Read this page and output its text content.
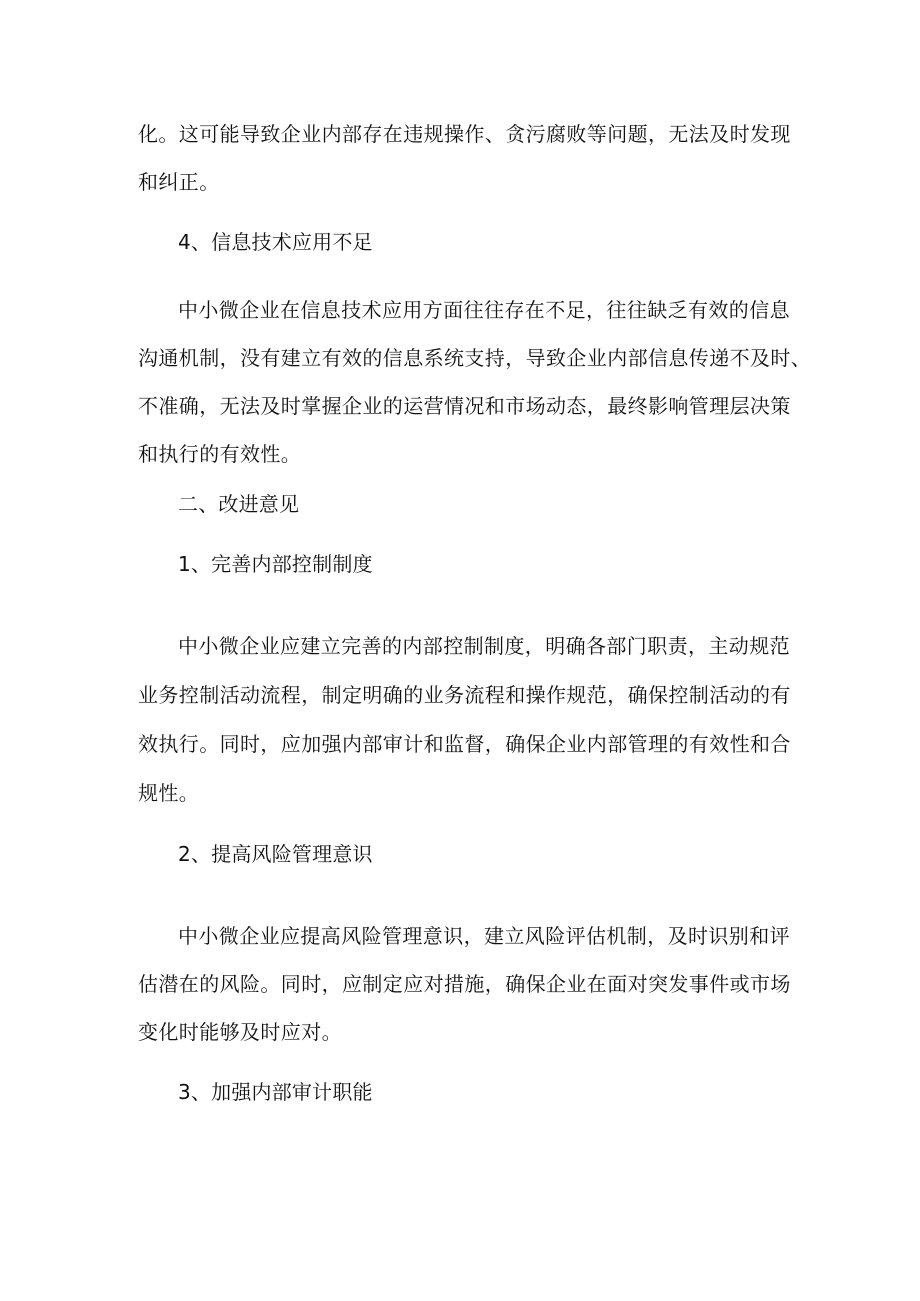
化。这可能导致企业内部存在违规操作、贪污腐败等问题，无法及时发现
和纠正。
4、信息技术应用不足
中小微企业在信息技术应用方面往往存在不足，往往缺乏有效的信息
沟通机制，没有建立有效的信息系统支持，导致企业内部信息传递不及时、
不准确，无法及时掌握企业的运营情况和市场动态，最终影响管理层决策
和执行的有效性。
二、改进意见
1、完善内部控制制度
中小微企业应建立完善的内部控制制度，明确各部门职责，主动规范
业务控制活动流程，制定明确的业务流程和操作规范，确保控制活动的有
效执行。同时，应加强内部审计和监督，确保企业内部管理的有效性和合
规性。
2、提高风险管理意识
中小微企业应提高风险管理意识，建立风险评估机制，及时识别和评
估潜在的风险。同时，应制定应对措施，确保企业在面对突发事件或市场
变化时能够及时应对。
3、加强内部审计职能
